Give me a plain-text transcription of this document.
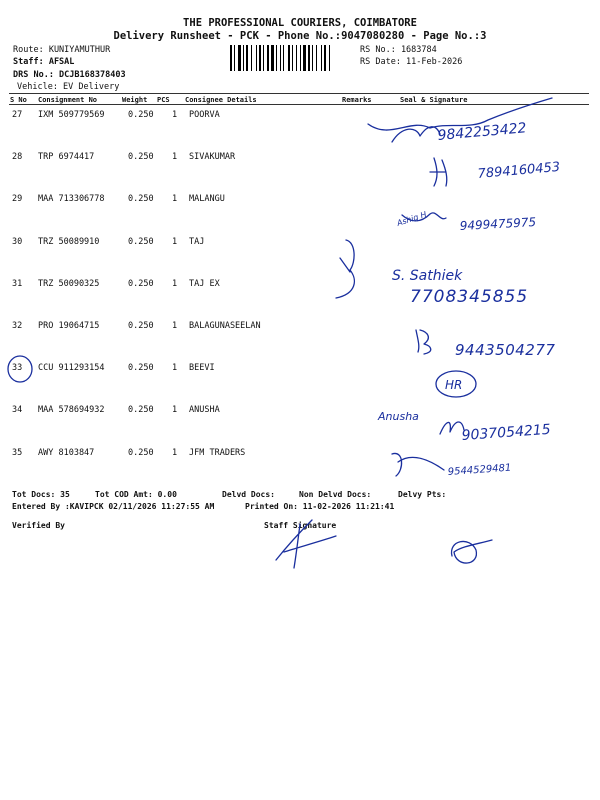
THE PROFESSIONAL COURIERS, COIMBATORE
Delivery Runsheet - PCK - Phone No.:9047080280 - Page No.:3
Route: KUNIYAMUTHUR
Staff: AFSAL
DRS No.: DCJB168378403
Vehicle: EV Delivery
RS No.: 1683784
RS Date: 11-Feb-2026
S No Consignment No	Weight PCS Consignee Details	Remarks	Seal & Signature
27 IXM 509779569	0.250 1 POORVA
28 TRP 6974417	0.250 1 SIVAKUMAR
29 MAA 713306778	0.250 1 MALANGU
30 TRZ 50089910	0.250 1 TAJ
31 TRZ 50090325	0.250 1 TAJ EX
32 PRO 19064715	0.250 1 BALAGUNASEELAN
33 CCU 911293154	0.250 1 BEEVI
34 MAA 578694932	0.250 1 ANUSHA
35 AWY 8103847	0.250 1 JFM TRADERS
Tot Docs: 35	Tot COD Amt: 0.00	Delvd Docs:	Non Delvd Docs:	Delvy Pts:
Entered By :KAVIPCK 02/11/2026 11:27:55 AM	Printed On: 11-02-2026 11:21:41
Verified By	Staff Signature
9842253422
7894160453
Ashiq H	9499475975
S. Sathiek
7708345855
9443504277
HR
Anusha
9037054215
9544529481
